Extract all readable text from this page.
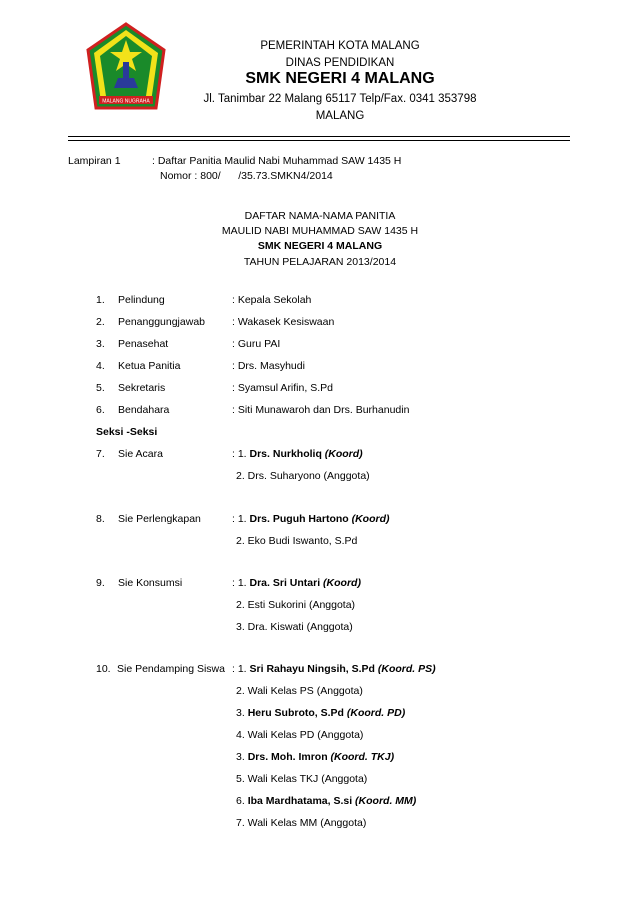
MALANG NUGRAHA
PEMERINTAH KOTA MALANG
DINAS PENDIDIKAN
SMK NEGERI 4 MALANG
Jl. Tanimbar 22 Malang 65117 Telp/Fax. 0341 353798
MALANG
Lampiran 1	: Daftar Panitia Maulid Nabi Muhammad SAW 1435 H
Nomor : 800/      /35.73.SMKN4/2014
DAFTAR NAMA-NAMA PANITIA
MAULID NABI MUHAMMAD SAW 1435 H
SMK NEGERI 4 MALANG
TAHUN PELAJARAN 2013/2014
1. Pelindung	: Kepala Sekolah
2. Penanggungjawab	: Wakasek Kesiswaan
3. Penasehat	: Guru PAI
4. Ketua Panitia	: Drs. Masyhudi
5. Sekretaris	: Syamsul Arifin, S.Pd
6. Bendahara	: Siti Munawaroh dan Drs. Burhanudin
Seksi -Seksi
7. Sie Acara	: 1. Drs. Nurkholiq (Koord)
2. Drs. Suharyono (Anggota)
8. Sie Perlengkapan	: 1. Drs. Puguh Hartono (Koord)
2. Eko Budi Iswanto, S.Pd
9. Sie Konsumsi	: 1. Dra. Sri Untari (Koord)
2. Esti Sukorini (Anggota)
3. Dra. Kiswati (Anggota)
10. Sie Pendamping Siswa : 1. Sri Rahayu Ningsih, S.Pd (Koord. PS)
2. Wali Kelas PS (Anggota)
3. Heru Subroto, S.Pd (Koord. PD)
4. Wali Kelas PD (Anggota)
3. Drs. Moh. Imron (Koord. TKJ)
5. Wali Kelas TKJ (Anggota)
6. Iba Mardhatama, S.si (Koord. MM)
7. Wali Kelas MM (Anggota)
